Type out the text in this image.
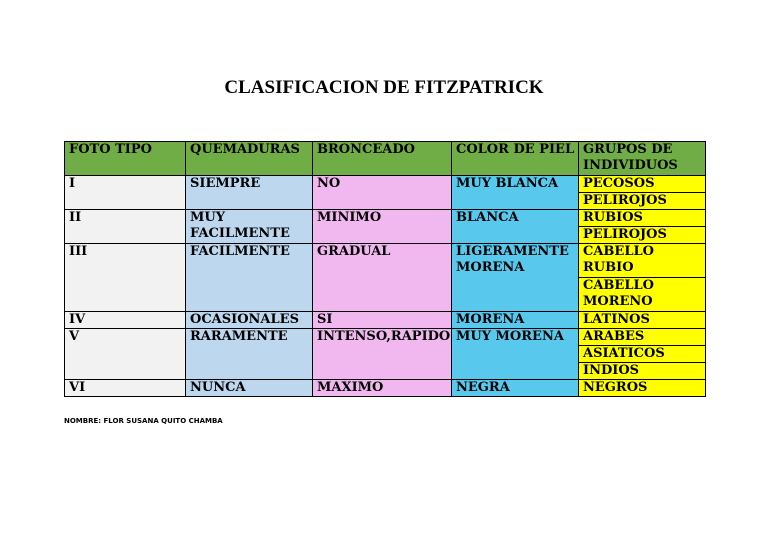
CLASIFICACION DE FITZPATRICK
FOTO TIPO	QUEMADURAS	BRONCEADO	COLOR DE PIEL	GRUPOS DE INDIVIDUOS
I	SIEMPRE	NO	MUY BLANCA	PECOSOS
				PELIROJOS
II	MUY FACILMENTE	MINIMO	BLANCA	RUBIOS
				PELIROJOS
III	FACILMENTE	GRADUAL	LIGERAMENTE MORENA	CABELLO RUBIO
				CABELLO MORENO
IV	OCASIONALES	SI	MORENA	LATINOS
V	RARAMENTE	INTENSO,RAPIDO	MUY MORENA	ARABES
				ASIATICOS
				INDIOS
VI	NUNCA	MAXIMO	NEGRA	NEGROS
NOMBRE: FLOR SUSANA QUITO CHAMBA
